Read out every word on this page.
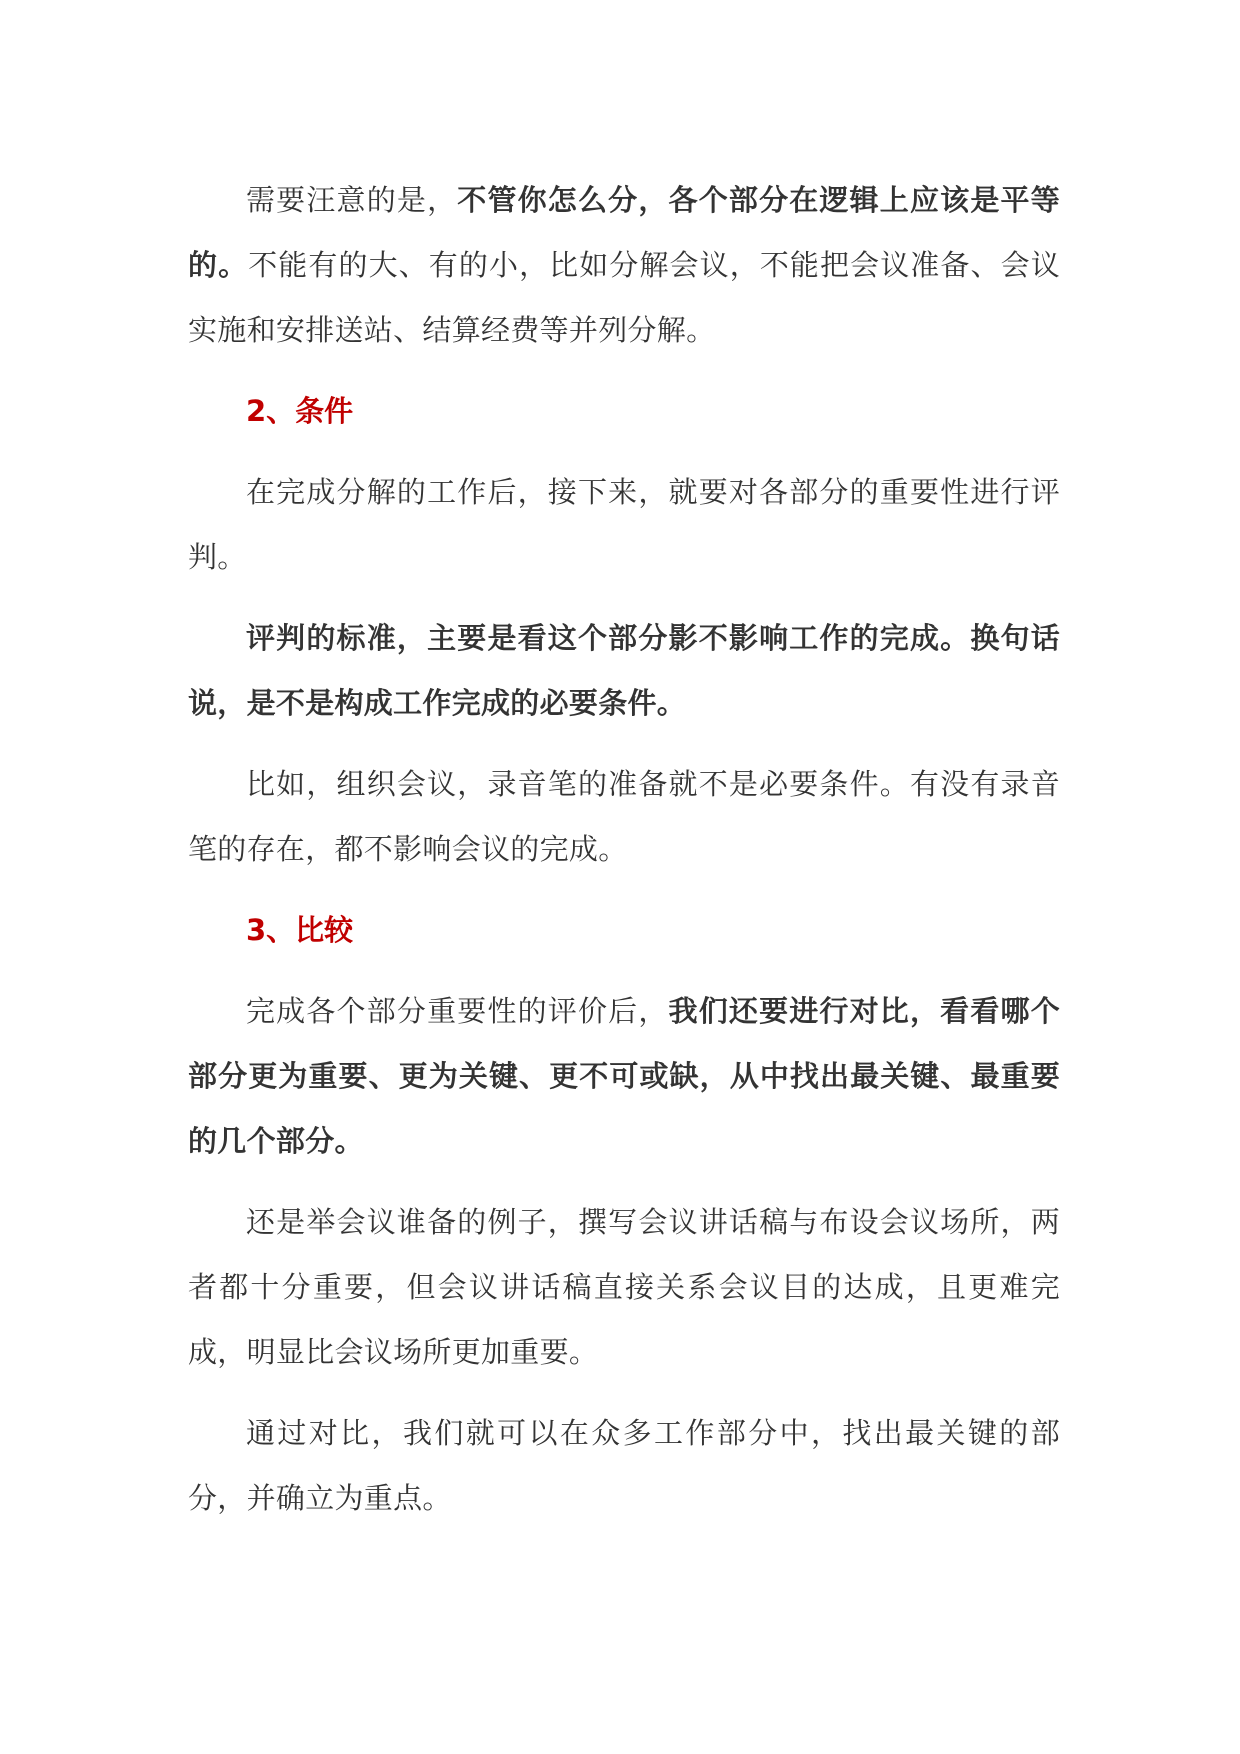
需要汪意的是，不管你怎么分，各个部分在逻辑上应该是平等的。不能有的大、有的小，比如分解会议，不能把会议准备、会议实施和安排送站、结算经费等并列分解。

2、条件

在完成分解的工作后，接下来，就要对各部分的重要性进行评判。

评判的标准，主要是看这个部分影不影响工作的完成。换句话说，是不是构成工作完成的必要条件。

比如，组织会议，录音笔的准备就不是必要条件。有没有录音笔的存在，都不影响会议的完成。

3、比较

完成各个部分重要性的评价后，我们还要进行对比，看看哪个部分更为重要、更为关键、更不可或缺，从中找出最关键、最重要的几个部分。

还是举会议谁备的例子，撰写会议讲话稿与布设会议场所，两者都十分重要，但会议讲话稿直接关系会议目的达成，且更难完成，明显比会议场所更加重要。

通过对比，我们就可以在众多工作部分中，找出最关键的部分，并确立为重点。
